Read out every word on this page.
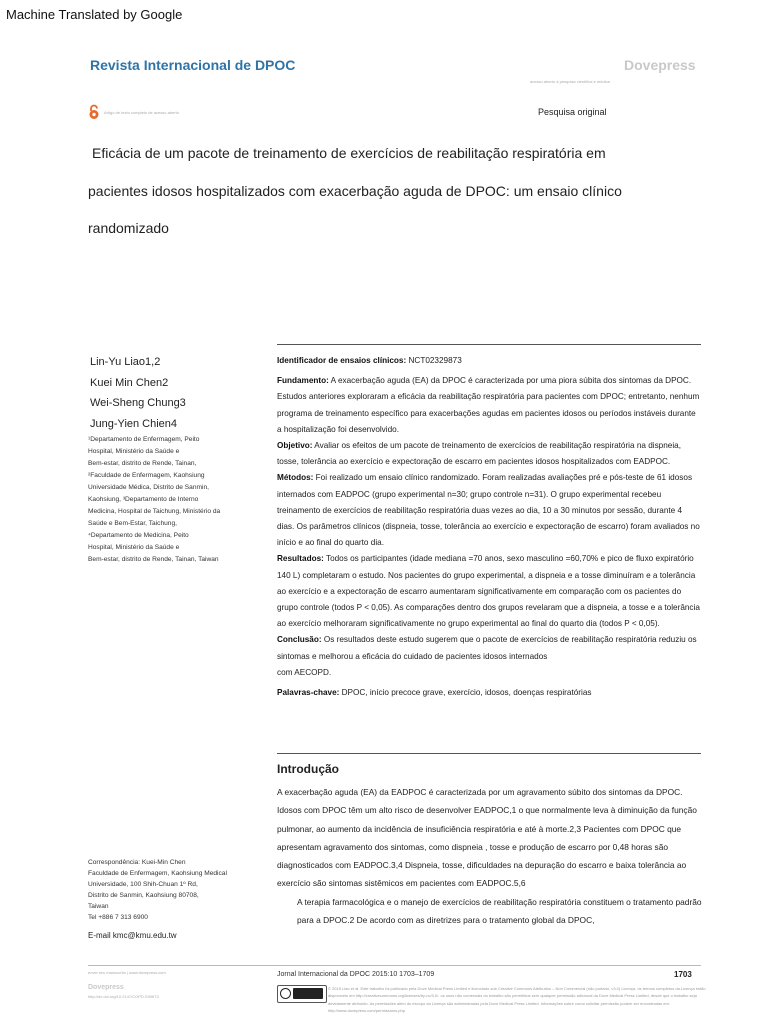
Machine Translated by Google
Revista Internacional de DPOC	Dovepress
acesso aberto à pesquisa científica e médica
Artigo de texto completo de acesso aberto	Pesquisa original
Eficácia de um pacote de treinamento de exercícios de reabilitação respiratória em
pacientes idosos hospitalizados com exacerbação aguda de DPOC: um ensaio clínico
randomizado
Lin-Yu Liao1,2
Kuei Min Chen2
Wei-Sheng Chung3
Jung-Yien Chien4

¹Departamento de Enfermagem, Peito

Hospital, Ministério da Saúde e

Bem-estar, distrito de Rende, Tainan,

²Faculdade de Enfermagem, Kaohsiung

Universidade Médica, Distrito de Sanmin,

Kaohsiung, ³Departamento de Interno

Medicina, Hospital de Taichung, Ministério da

Saúde e Bem-Estar, Taichung,

⁴Departamento de Medicina, Peito

Hospital, Ministério da Saúde e

Bem-estar, distrito de Rende, Tainan, Taiwan

Identificador de ensaios clínicos: NCT02329873

Fundamento: A exacerbação aguda (EA) da DPOC é caracterizada por uma piora súbita dos sintomas da DPOC. Estudos anteriores exploraram a eficácia da reabilitação respiratória para pacientes com DPOC; entretanto, nenhum programa de treinamento específico para exacerbações agudas em pacientes idosos ou períodos instáveis durante a hospitalização foi desenvolvido.

Objetivo: Avaliar os efeitos de um pacote de treinamento de exercícios de reabilitação respiratória na dispneia, tosse, tolerância ao exercício e expectoração de escarro em pacientes idosos hospitalizados com EADPOC.

Métodos: Foi realizado um ensaio clínico randomizado. Foram realizadas avaliações pré e pós-teste de 61 idosos internados com EADPOC (grupo experimental n=30; grupo controle n=31). O grupo experimental recebeu treinamento de exercícios de reabilitação respiratória duas vezes ao dia, 10 a 30 minutos por sessão, durante 4 dias. Os parâmetros clínicos (dispneia, tosse, tolerância ao exercício e expectoração de escarro) foram avaliados no início e ao final do quarto dia.

Resultados: Todos os participantes (idade mediana =70 anos, sexo masculino =60,70% e pico de fluxo expiratório 140 L) completaram o estudo. Nos pacientes do grupo experimental, a dispneia e a tosse diminuíram e a tolerância ao exercício e a expectoração de escarro aumentaram significativamente em comparação com os pacientes do grupo controle (todos P < 0,05). As comparações dentro dos grupos revelaram que a dispneia, a tosse e a tolerância ao exercício melhoraram significativamente no grupo experimental ao final do quarto dia (todos P < 0,05).

Conclusão: Os resultados deste estudo sugerem que o pacote de exercícios de reabilitação respiratória reduziu os sintomas e melhorou a eficácia do cuidado de pacientes idosos internados

com AECOPD.

Palavras-chave: DPOC, início precoce grave, exercício, idosos, doenças respiratórias

Introdução

A exacerbação aguda (EA) da EADPOC é caracterizada por um agravamento súbito dos sintomas da DPOC. Idosos com DPOC têm um alto risco de desenvolver EADPOC,1 o que normalmente leva à diminuição da função pulmonar, ao aumento da incidência de insuficiência respiratória e até à morte.2,3 Pacientes com DPOC que apresentam agravamento dos sintomas, como dispneia , tosse e produção de escarro por 0,48 horas são diagnosticados com EADPOC.3,4 Dispneia, tosse, dificuldades na depuração do escarro e baixa tolerância ao exercício são sintomas sistêmicos em pacientes com EADPOC.5,6

A terapia farmacológica e o manejo de exercícios de reabilitação respiratória constituem o tratamento padrão para a DPOC.2 De acordo com as diretrizes para o tratamento global da DPOC,

Correspondência: Kuei-Min Chen

Faculdade de Enfermagem, Kaohsiung Medical

Universidade, 100 Shih-Chuan 1º Rd,

Distrito de Sanmin, Kaohsiung 80708,

Taiwan

Tel +886 7 313 6900

E-mail kmc@kmu.edu.tw
envie seu manuscrito | www.dovepress.com
Dovepress
http://dx.doi.org/10.2147/COPD.S90673
Jornal Internacional da DPOC 2015:10 1703–1709	1703
© 2015 Liao et al. Este trabalho foi publicado pela Dove Medical Press Limited e licenciado sob Creative Commons Attribution – Non Commercial (não portado, v3.0) Licença. os termos completos da Licença estão disponíveis em http://creativecommons.org/licenses/by-nc/3.0/. os usos não comerciais do trabalho são permitidos sem qualquer permissão adicional da Dove Medical Press Limited, desde que o trabalho seja devidamente atribuído. As permissões além do escopo da Licença são administradas pela Dove Medical Press Limited. Informações sobre como solicitar permissão podem ser encontradas em: http://www.dovepress.com/permissions.php
